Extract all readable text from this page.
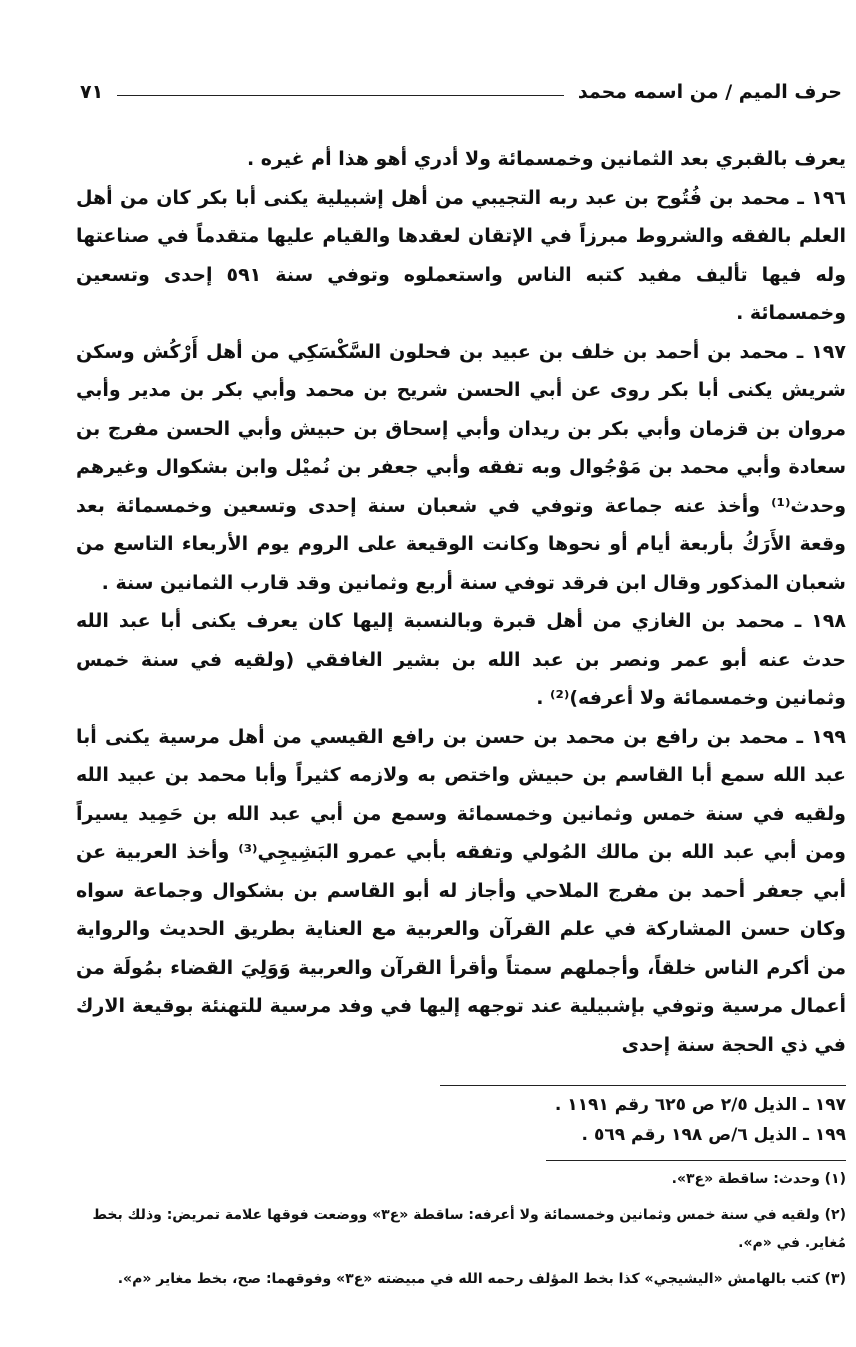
حرف الميم / من اسمه محمد
٧١

يعرف بالقبري بعد الثمانين وخمسمائة ولا أدري أهو هذا أم غيره .

١٩٦ ـ محمد بن فُتُوح بن عبد ربه التجيبي من أهل إشبيلية يكنى أبا بكر كان من أهل العلم بالفقه والشروط مبرزاً في الإتقان لعقدها والقيام عليها متقدماً في صناعتها وله فيها تأليف مفيد كتبه الناس واستعملوه وتوفي سنة ٥٩١ إحدى وتسعين وخمسمائة .

١٩٧ ـ محمد بن أحمد بن خلف بن عبيد بن فحلون السَّكْسَكِي من أهل أَرْكُش وسكن شريش يكنى أبا بكر روى عن أبي الحسن شريح بن محمد وأبي بكر بن مدير وأبي مروان بن قزمان وأبي بكر بن ريدان وأبي إسحاق بن حبيش وأبي الحسن مفرج بن سعادة وأبي محمد بن مَوْجُوال وبه تفقه وأبي جعفر بن نُميْل وابن بشكوال وغيرهم وحدث⁽¹⁾ وأخذ عنه جماعة وتوفي في شعبان سنة إحدى وتسعين وخمسمائة بعد وقعة الأَرَكُ بأربعة أيام أو نحوها وكانت الوقيعة على الروم يوم الأربعاء التاسع من شعبان المذكور وقال ابن فرقد توفي سنة أربع وثمانين وقد قارب الثمانين سنة .

١٩٨ ـ محمد بن الغازي من أهل قبرة وبالنسبة إليها كان يعرف يكنى أبا عبد الله حدث عنه أبو عمر ونصر بن عبد الله بن بشير الغافقي (ولقيه في سنة خمس وثمانين وخمسمائة ولا أعرفه)⁽²⁾ .

١٩٩ ـ محمد بن رافع بن محمد بن حسن بن رافع القيسي من أهل مرسية يكنى أبا عبد الله سمع أبا القاسم بن حبيش واختص به ولازمه كثيراً وأبا محمد بن عبيد الله ولقيه في سنة خمس وثمانين وخمسمائة وسمع من أبي عبد الله بن حَمِيد يسيراً ومن أبي عبد الله بن مالك المُولي وتفقه بأبي عمرو البَشِيجِي⁽³⁾ وأخذ العربية عن أبي جعفر أحمد بن مفرج الملاحي وأجاز له أبو القاسم بن بشكوال وجماعة سواه وكان حسن المشاركة في علم القرآن والعربية مع العناية بطريق الحديث والرواية من أكرم الناس خلقاً، وأجملهم سمتاً وأقرأ القرآن والعربية وَوَلِيَ القضاء بمُولَة من أعمال مرسية وتوفي بإشبيلية عند توجهه إليها في وفد مرسية للتهنئة بوقيعة الارك في ذي الحجة سنة إحدى

١٩٧ ـ الذيل ٢/٥ ص ٦٢٥ رقم ١١٩١ .

١٩٩ ـ الذيل ٦/ص ١٩٨ رقم ٥٦٩ .

(١) وحدث: ساقطة «ع٣».

(٢) ولقيه في سنة خمس وثمانين وخمسمائة ولا أعرفه: ساقطة «ع٣» ووضعت فوقها علامة تمريض: وذلك بخط مُغاير. في «م».

(٣) كتب بالهامش «اليشيجي» كذا بخط المؤلف رحمه الله في مبيضته «ع٣» وفوقهما: صح، بخط مغاير «م».
